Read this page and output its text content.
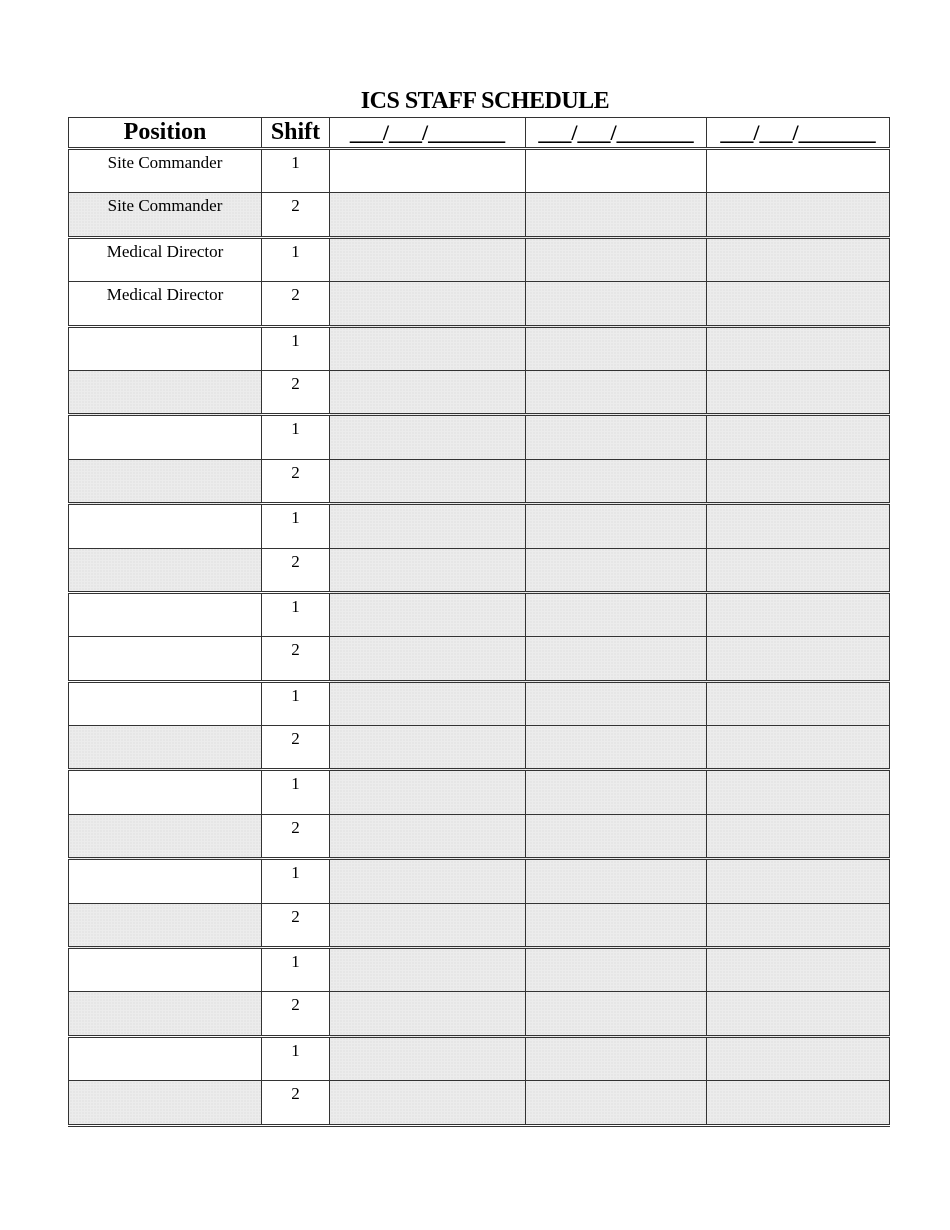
ICS STAFF SCHEDULE
Position	Shift	___/___/_______	___/___/_______	___/___/_______
Site Commander	1			
Site Commander	2			
Medical Director	1			
Medical Director	2			
	1			
	2			
	1			
	2			
	1			
	2			
	1			
	2			
	1			
	2			
	1			
	2			
	1			
	2			
	1			
	2			
	1			
	2			
